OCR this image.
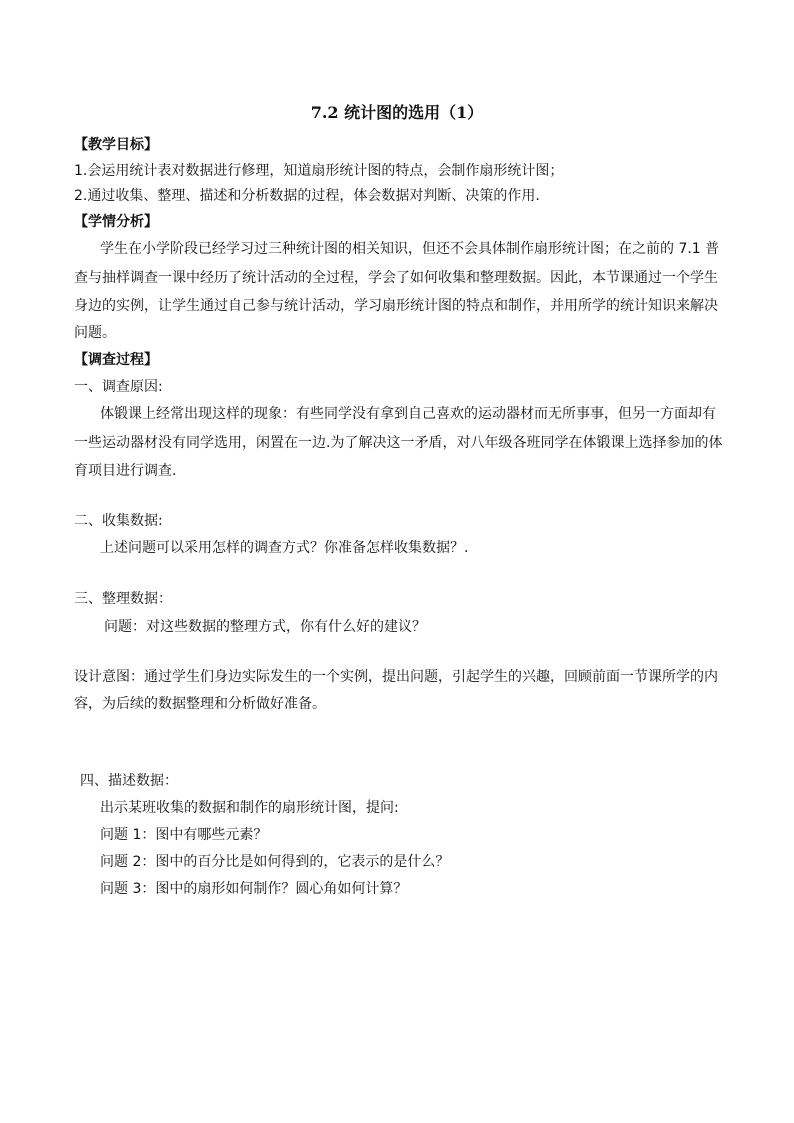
7.2 统计图的选用（1）
【教学目标】
1.会运用统计表对数据进行修理，知道扇形统计图的特点，会制作扇形统计图；
2.通过收集、整理、描述和分析数据的过程，体会数据对判断、决策的作用.
【学情分析】
学生在小学阶段已经学习过三种统计图的相关知识，但还不会具体制作扇形统计图；在之前的 7.1 普
查与抽样调查一课中经历了统计活动的全过程，学会了如何收集和整理数据。因此，本节课通过一个学生
身边的实例，让学生通过自己参与统计活动，学习扇形统计图的特点和制作，并用所学的统计知识来解决
问题。
【调查过程】
一、调查原因:
体锻课上经常出现这样的现象：有些同学没有拿到自己喜欢的运动器材而无所事事，但另一方面却有
一些运动器材没有同学选用，闲置在一边.为了解决这一矛盾，对八年级各班同学在体锻课上选择参加的体
育项目进行调查.
二、收集数据:
上述问题可以采用怎样的调查方式？你准备怎样收集数据？.
三、整理数据：
问题：对这些数据的整理方式，你有什么好的建议？
设计意图：通过学生们身边实际发生的一个实例，提出问题，引起学生的兴趣，回顾前面一节课所学的内
容，为后续的数据整理和分析做好准备。
四、描述数据：
出示某班收集的数据和制作的扇形统计图，提问:
问题 1：图中有哪些元素？
问题 2：图中的百分比是如何得到的，它表示的是什么？
问题 3：图中的扇形如何制作？圆心角如何计算？
